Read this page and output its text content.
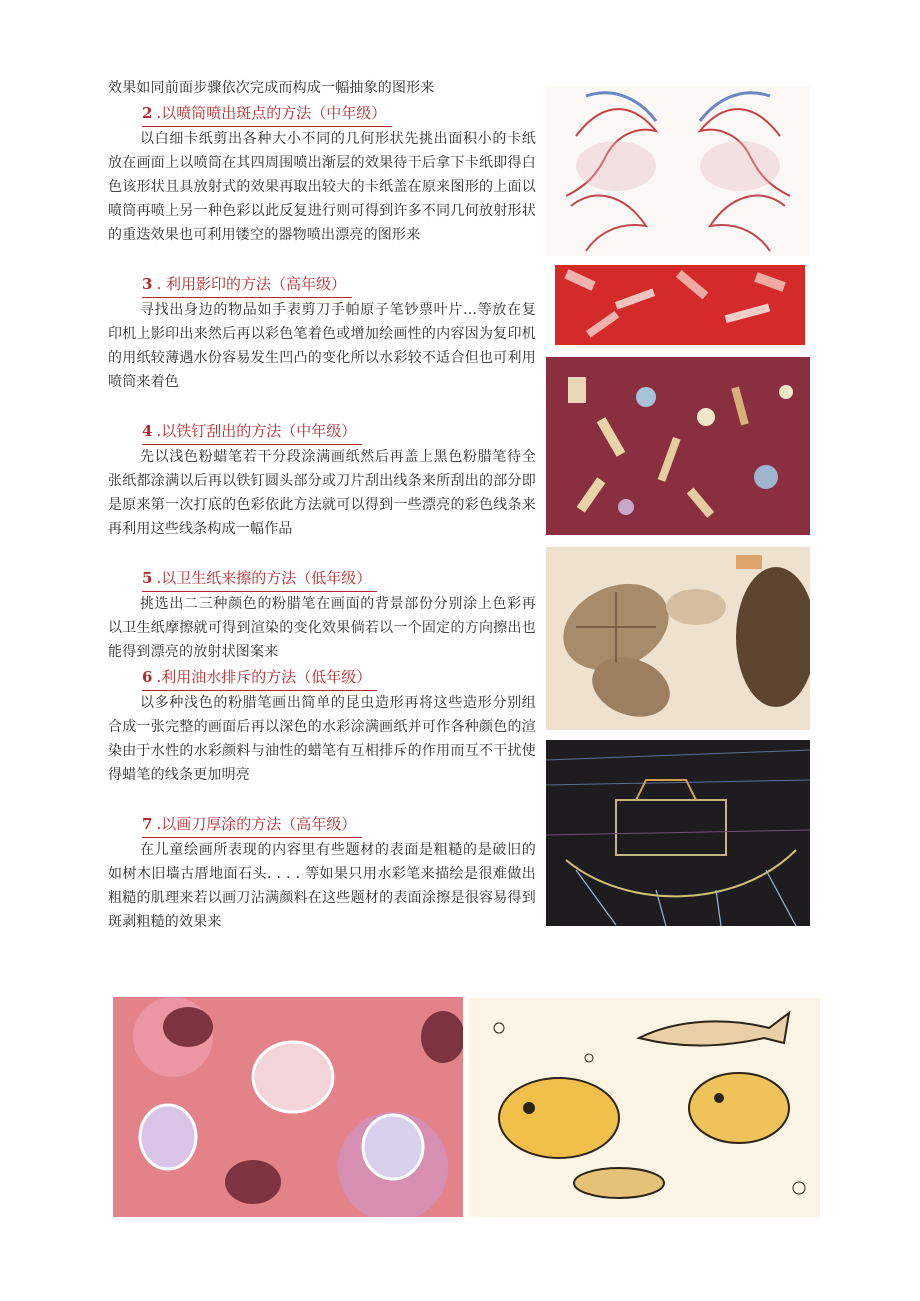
效果如同前面步骤依次完成而构成一幅抽象的图形来

2 .以喷筒喷出斑点的方法（中年级）

以白细卡纸剪出各种大小不同的几何形状先挑出面积小的卡纸放在画面上以喷筒在其四周围喷出渐层的效果待干后拿下卡纸即得白色该形状且具放射式的效果再取出较大的卡纸盖在原来图形的上面以喷筒再喷上另一种色彩以此反复进行则可得到许多不同几何放射形状的重迭效果也可利用镂空的器物喷出漂亮的图形来

3 . 利用影印的方法（高年级）

寻找出身边的物品如手表剪刀手帕原子笔钞票叶片…等放在复印机上影印出来然后再以彩色笔着色或增加绘画性的内容因为复印机的用纸较薄遇水份容易发生凹凸的变化所以水彩较不适合但也可利用喷筒来着色

4 .以铁钉刮出的方法（中年级）

先以浅色粉蜡笔若干分段涂满画纸然后再盖上黑色粉腊笔待全张纸都涂满以后再以铁钉圆头部分或刀片刮出线条来所刮出的部分即是原来第一次打底的色彩依此方法就可以得到一些漂亮的彩色线条来再利用这些线条构成一幅作品

5 .以卫生纸来擦的方法（低年级）

挑选出二三种颜色的粉腊笔在画面的背景部份分别涂上色彩再以卫生纸摩擦就可得到渲染的变化效果倘若以一个固定的方向擦出也能得到漂亮的放射状图案来

6 .利用油水排斥的方法（低年级）

以多种浅色的粉腊笔画出简单的昆虫造形再将这些造形分别组合成一张完整的画面后再以深色的水彩涂满画纸并可作各种颜色的渲染由于水性的水彩颜料与油性的蜡笔有互相排斥的作用而互不干扰使得蜡笔的线条更加明亮

7 .以画刀厚涂的方法（高年级）

在儿童绘画所表现的内容里有些题材的表面是粗糙的是破旧的如树木旧墙古厝地面石头. . . . 等如果只用水彩笔来描绘是很难做出粗糙的肌理来若以画刀沾满颜料在这些题材的表面涂擦是很容易得到斑剥粗糙的效果来
